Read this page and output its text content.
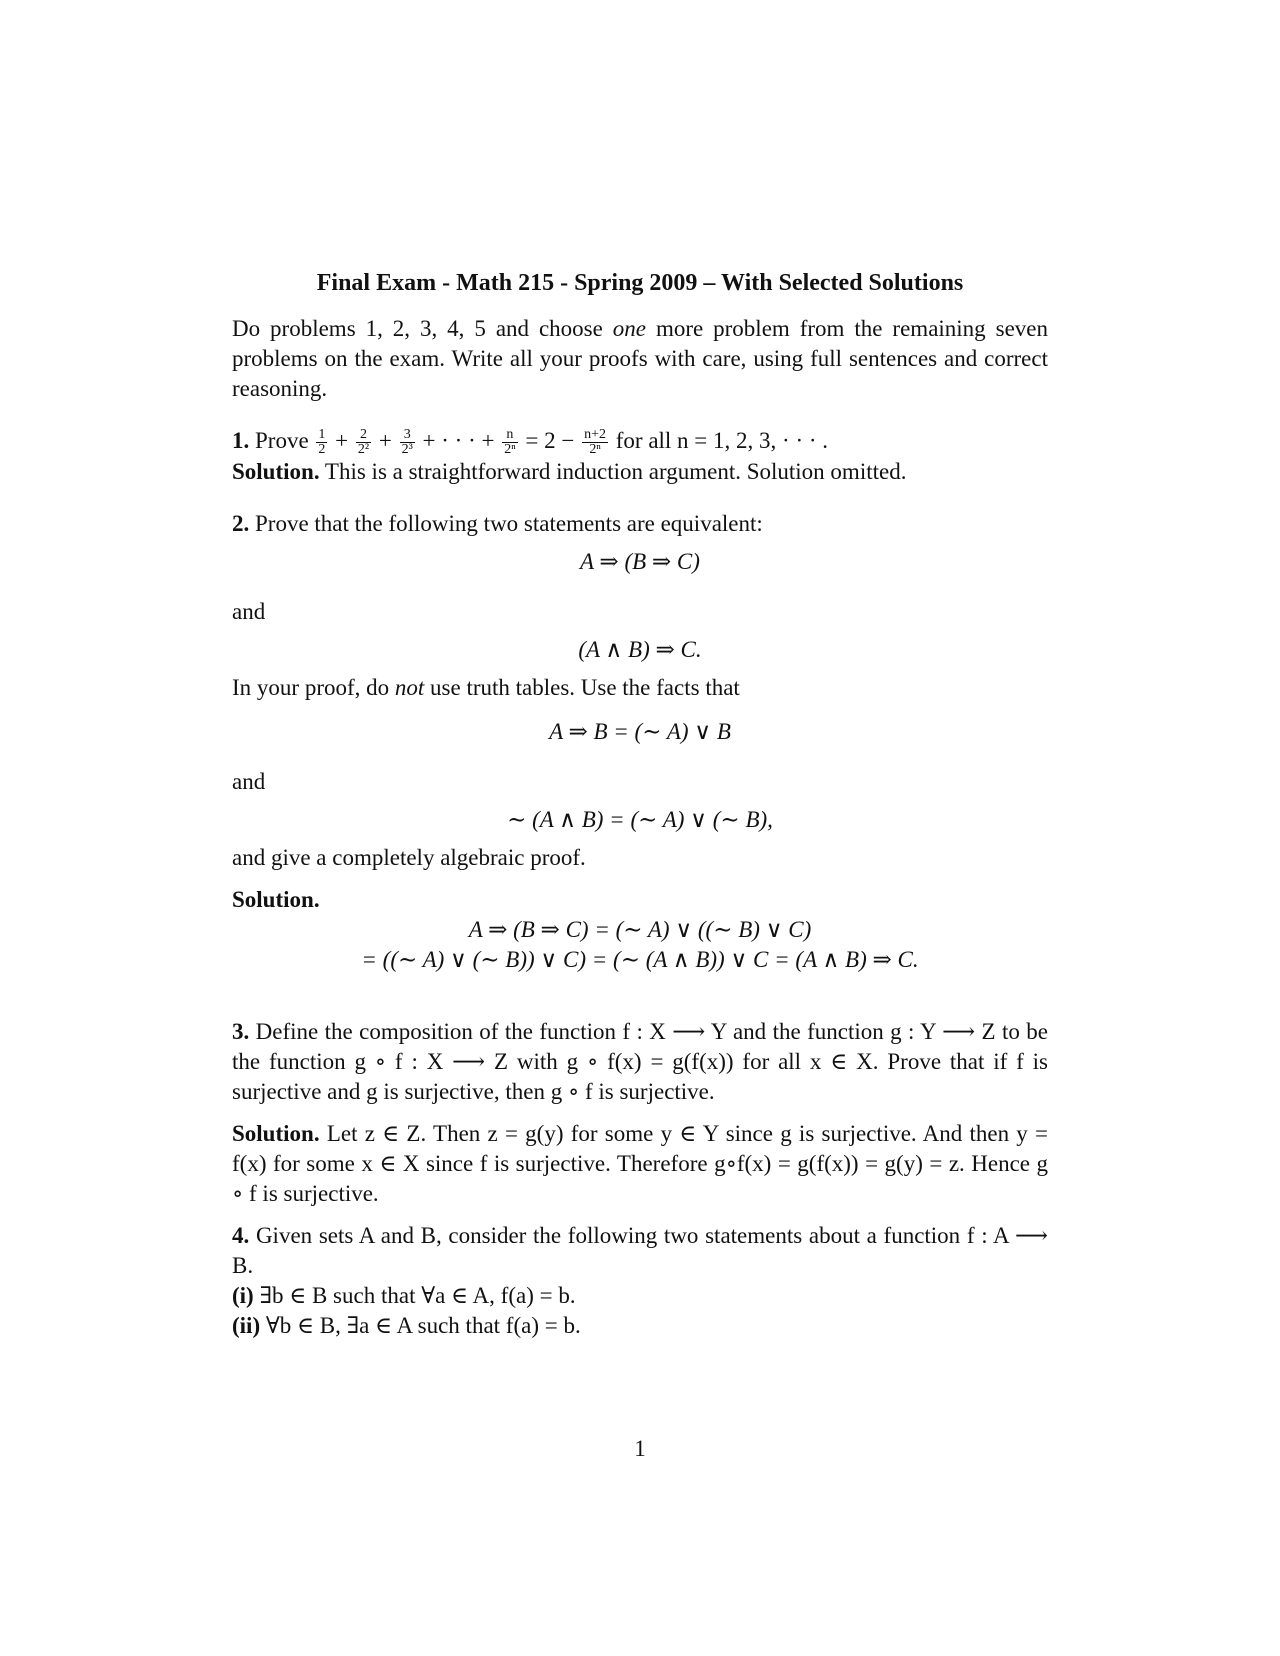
Final Exam - Math 215 - Spring 2009 – With Selected Solutions

Do problems 1, 2, 3, 4, 5 and choose one more problem from the remaining seven problems on the exam. Write all your proofs with care, using full sentences and correct reasoning.

1. Prove $\frac{1}{2} + \frac{2}{\text{2²}} + \frac{3}{\text{2³}}$ + · · · + $\frac{n}{\text{2ⁿ}} = 2 - \frac{n+2}{\text{2ⁿ}}$ for all n = 1, 2, 3, · · · .

Solution. This is a straightforward induction argument. Solution omitted.

2. Prove that the following two statements are equivalent:

A ⇒ (B ⇒ C)

and

(A ∧ B) ⇒ C.

In your proof, do not use truth tables. Use the facts that

A ⇒ B = (∼ A) ∨ B

and

∼ (A ∧ B) = (∼ A) ∨ (∼ B),

and give a completely algebraic proof.

Solution.

A ⇒ (B ⇒ C) = (∼ A) ∨ ((∼ B) ∨ C)
= ((∼ A) ∨ (∼ B)) ∨ C) = (∼ (A ∧ B)) ∨ C = (A ∧ B) ⇒ C.

3. Define the composition of the function f : X ⟶ Y and the function g : Y ⟶ Z to be the function g ∘ f : X ⟶ Z with g ∘ f(x) = g(f(x)) for all x ∈ X. Prove that if f is surjective and g is surjective, then g ∘ f is surjective.

Solution. Let z ∈ Z. Then z = g(y) for some y ∈ Y since g is surjective. And then y = f(x) for some x ∈ X since f is surjective. Therefore g∘f(x) = g(f(x)) = g(y) = z. Hence g ∘ f is surjective.

4. Given sets A and B, consider the following two statements about a function f : A ⟶ B.

(i) ∃b ∈ B such that ∀a ∈ A, f(a) = b.

(ii) ∀b ∈ B, ∃a ∈ A such that f(a) = b.

1
